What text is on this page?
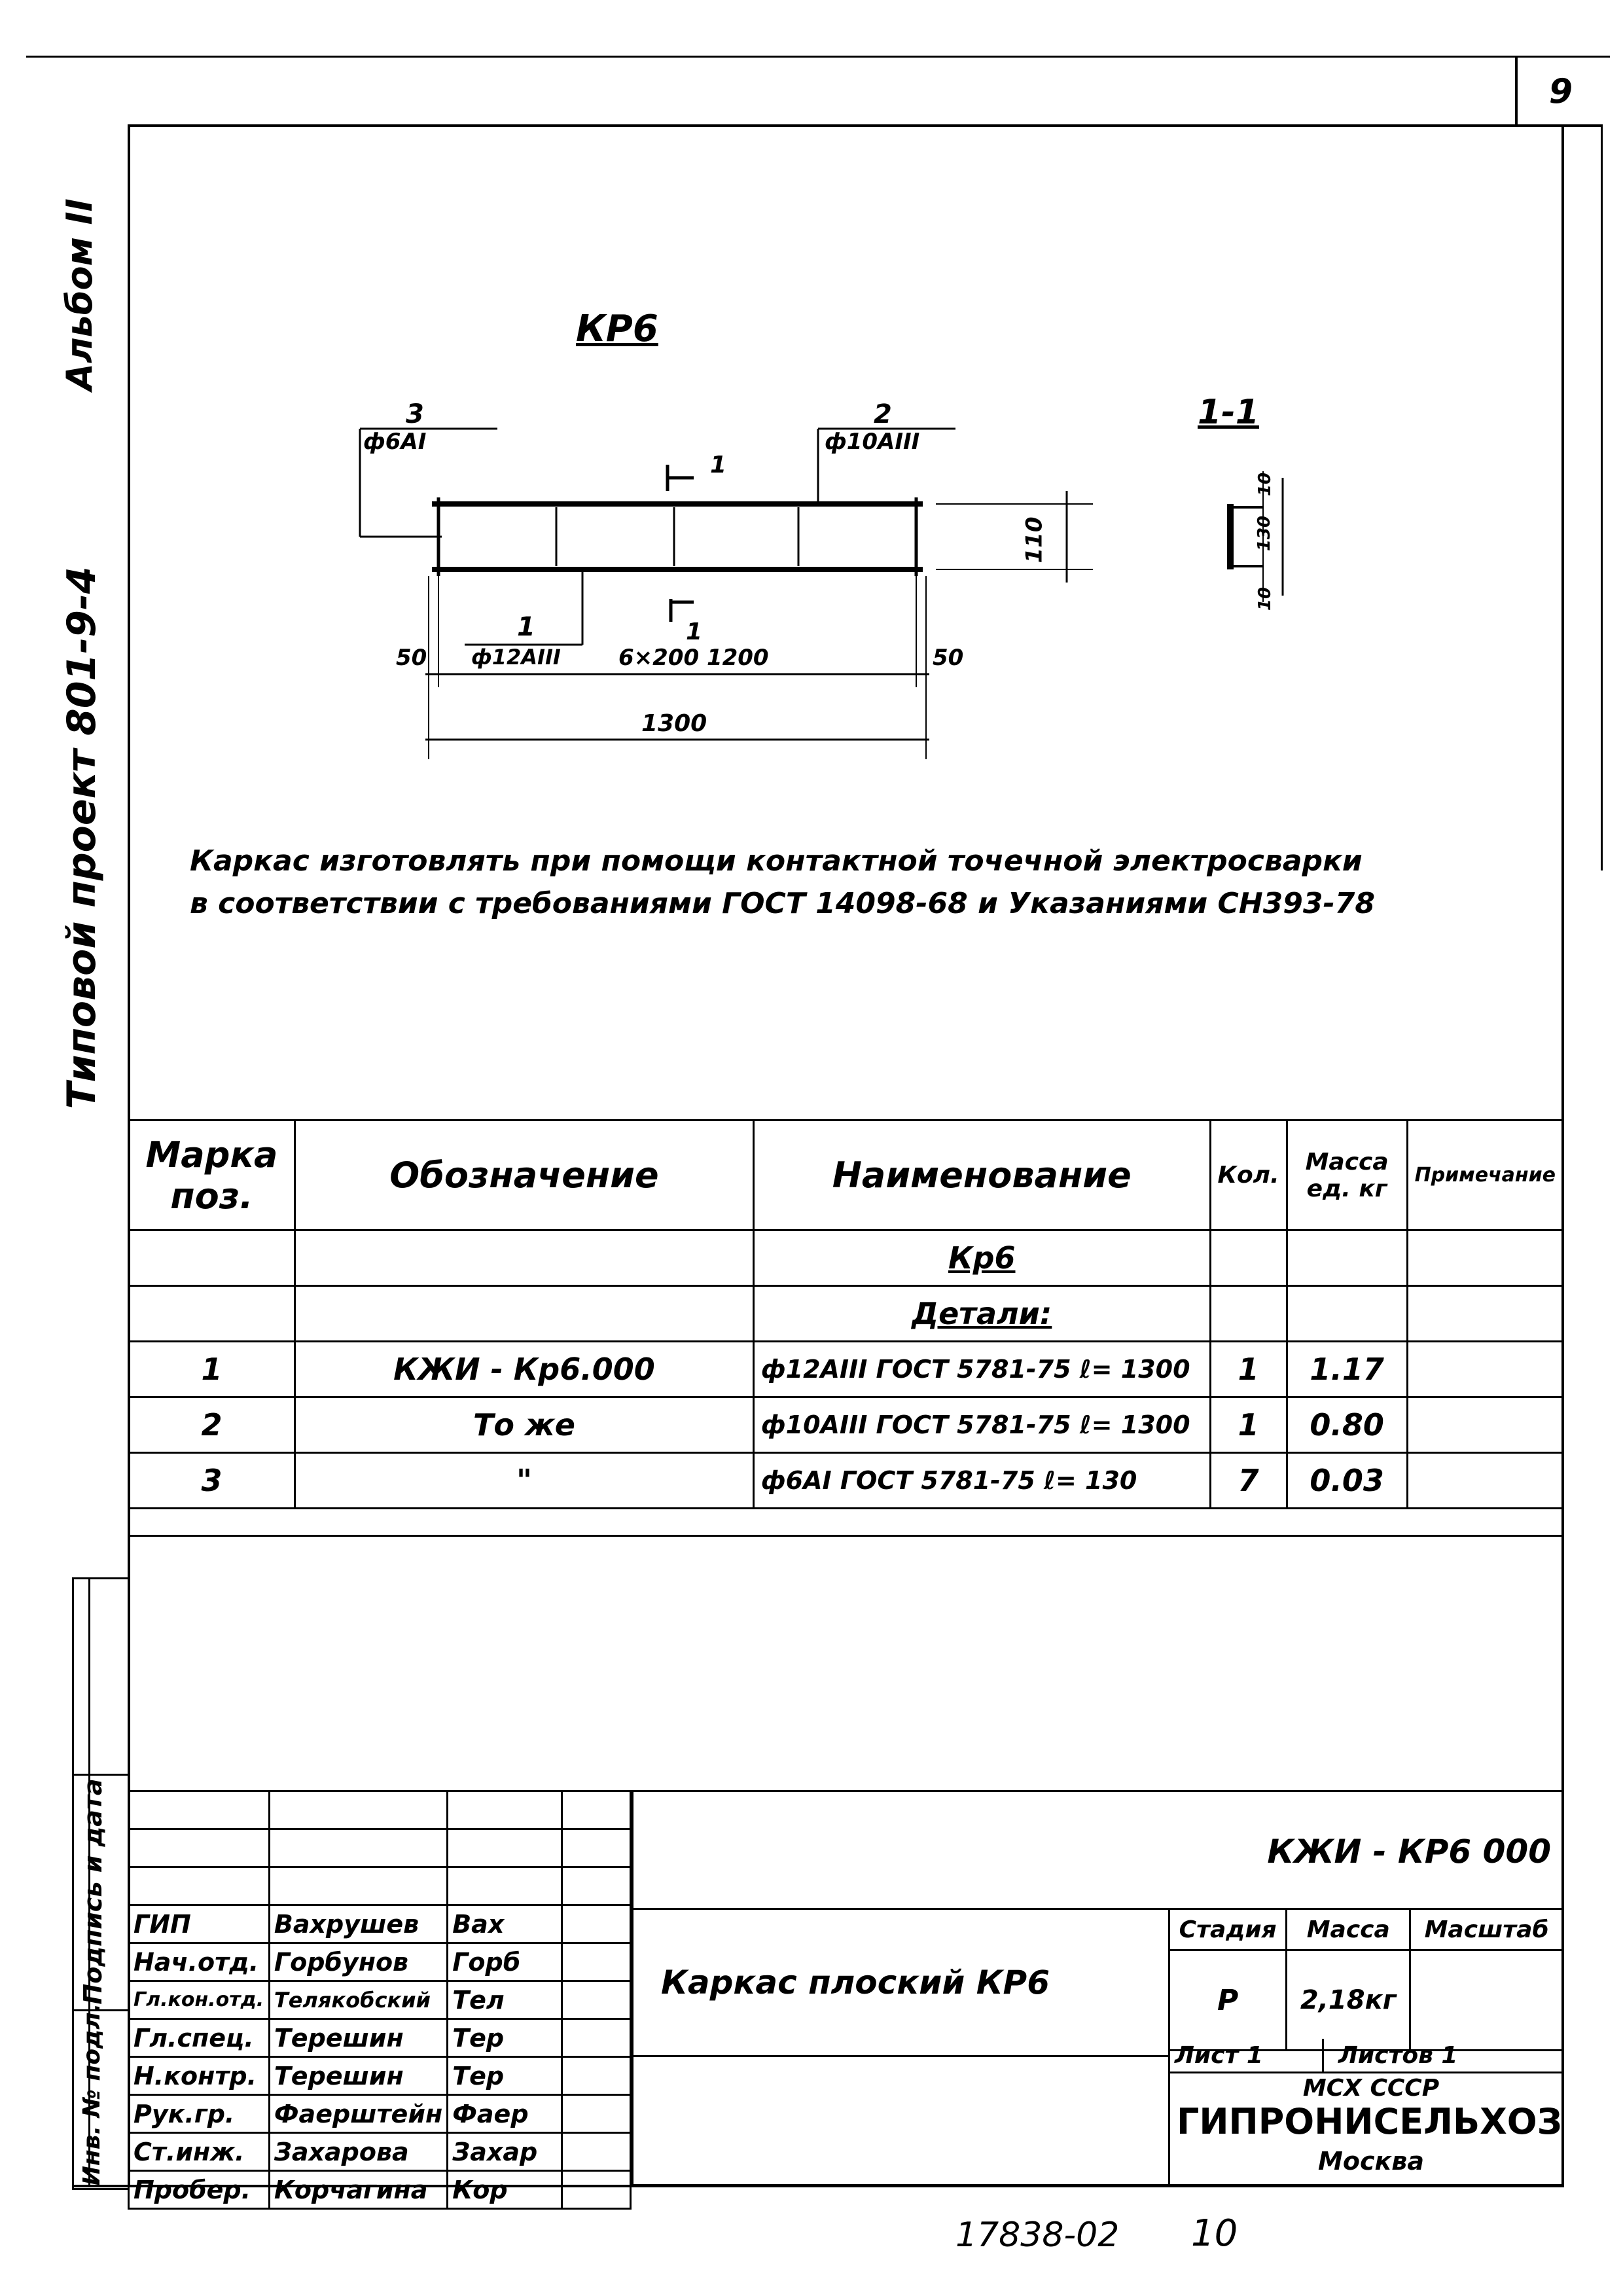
9
Альбом II
Типовой проект 801-9-4
Подпись и дата
Инв. № подл.
КР6
1-1
3
ф6АI
2
ф10АIII
1
ф12АIII
1
1
50	6×200 1200	50
1300
110
10
130
10
Каркас изготовлять при помощи контактной точечной электросварки
в соответствии с требованиями ГОСТ 14098-68 и Указаниями СН393-78
Марка поз.	Обозначение	Наименование	Кол.	Масса ед. кг	Примечание
		Кр6			
		Детали:			
1	КЖИ - Кр6.000	ф12АIII ГОСТ 5781-75 ℓ= 1300	1	1.17	
2	То же	ф10АIII ГОСТ 5781-75 ℓ= 1300	1	0.80	
3	"	ф6АI ГОСТ 5781-75 ℓ= 130	7	0.03	

ГИП	Вахрушев	Вах	
Нач.отд.	Горбунов	Горб	
Гл.кон.отд.	Телякобский	Тел	
Гл.спец.	Терешин	Тер	
Н.контр.	Терешин	Тер	
Рук.гр.	Фаерштейн	Фаер	
Ст.инж.	Захарова	Захар	
Пробер.	Корчагина	Кор	
КЖИ - КР6 000
Каркас плоский КР6
Стадия	Масса	Масштаб
Р	2,18кг	
Лист 1	Листов 1
МСХ СССР
ГИПРОНИСЕЛЬХОЗ
Москва
17838-02 10
